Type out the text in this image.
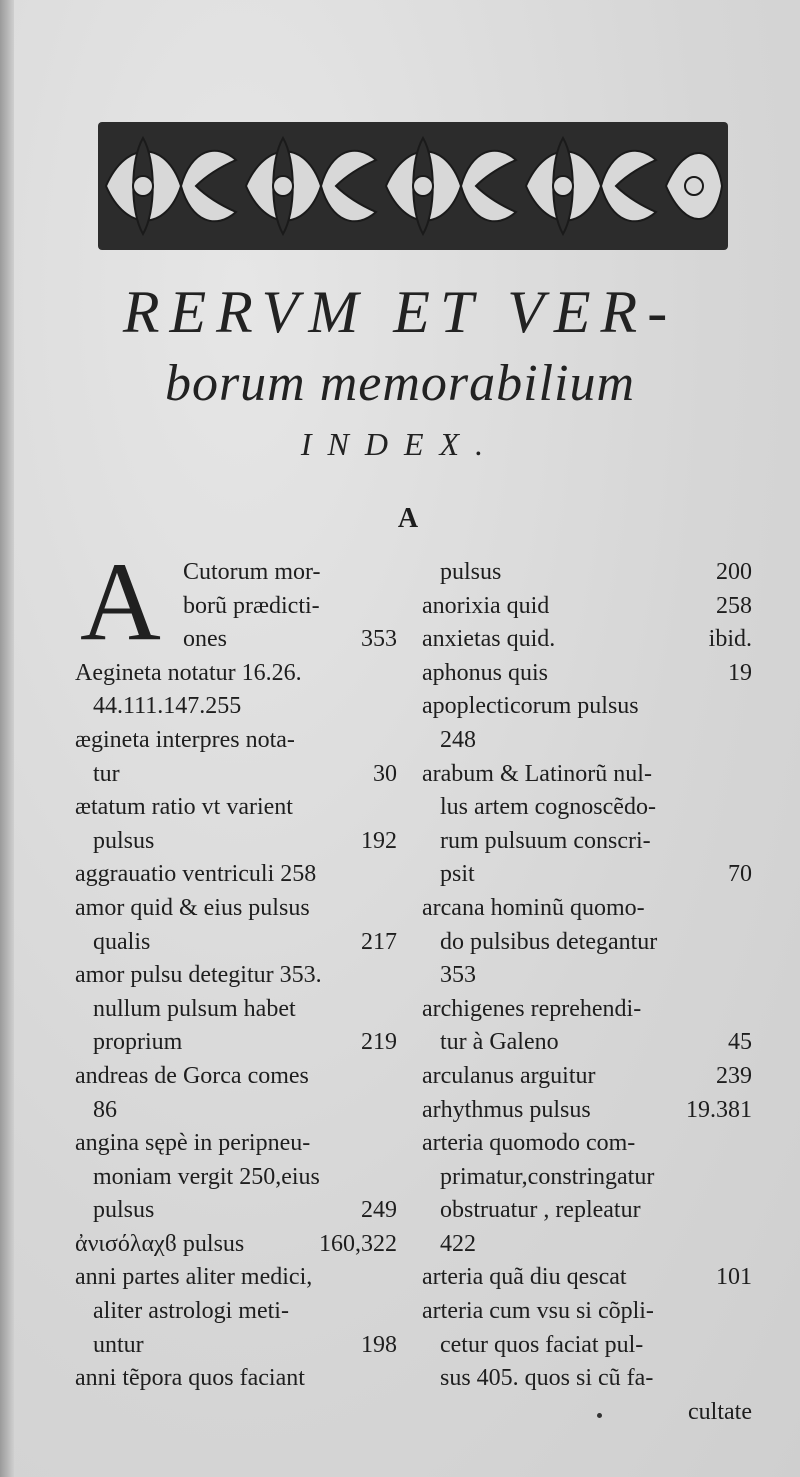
RERVM ET VER-
borum memorabilium
INDEX.
A
A Cutorum mor-
borũ prædicti-
ones	353
Aegineta notatur 16.26.
44.111.147.255
ægineta interpres nota-
tur	30
ætatum ratio vt varient
pulsus	192
aggrauatio ventriculi 258
amor quid & eius pulsus
qualis	217
amor pulsu detegitur 353.
nullum pulsum habet
proprium	219
andreas de Gorca comes
86
angina sępè in peripneu-
moniam vergit 250,eius
pulsus	249
ἀνισόλαχϐ pulsus	160,322
anni partes aliter medici,
aliter astrologi meti-
untur	198
anni tẽpora quos faciant
pulsus	200
anorixia quid	258
anxietas quid.	ibid.
aphonus quis	19
apoplecticorum pulsus
248
arabum & Latinorũ nul-
lus artem cognoscẽdo-
rum pulsuum conscri-
psit	70
arcana hominũ quomo-
do pulsibus detegantur
353
archigenes reprehendi-
tur à Galeno	45
arculanus arguitur	239
arhythmus pulsus	19.381
arteria quomodo com-
primatur,constringatur
obstruatur , repleatur
422
arteria quã diu qescat	101
arteria cum vsu si cõpli-
cetur quos faciat pul-
sus 405. quos si cũ fa-
cultate
